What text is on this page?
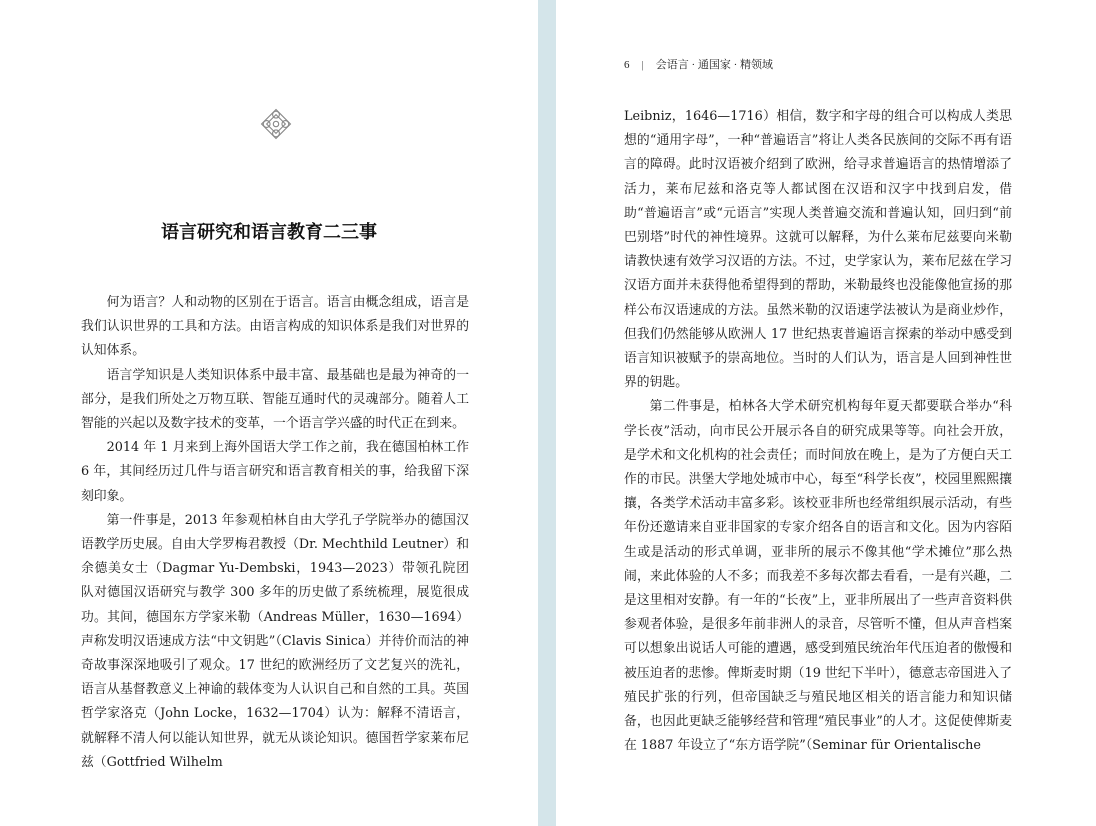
语言研究和语言教育二三事

何为语言？人和动物的区别在于语言。语言由概念组成，语言是我们认识世界的工具和方法。由语言构成的知识体系是我们对世界的认知体系。

语言学知识是人类知识体系中最丰富、最基础也是最为神奇的一部分，是我们所处之万物互联、智能互通时代的灵魂部分。随着人工智能的兴起以及数字技术的变革，一个语言学兴盛的时代正在到来。

2014 年 1 月来到上海外国语大学工作之前，我在德国柏林工作 6 年，其间经历过几件与语言研究和语言教育相关的事，给我留下深刻印象。

第一件事是，2013 年参观柏林自由大学孔子学院举办的德国汉语教学历史展。自由大学罗梅君教授（Dr. Mechthild Leutner）和余德美女士（Dagmar Yu-Dembski，1943—2023）带领孔院团队对德国汉语研究与教学 300 多年的历史做了系统梳理，展览很成功。其间，德国东方学家米勒（Andreas Müller，1630—1694）声称发明汉语速成方法“中文钥匙”（Clavis Sinica）并待价而沽的神奇故事深深地吸引了观众。17 世纪的欧洲经历了文艺复兴的洗礼，语言从基督教意义上神谕的载体变为人认识自己和自然的工具。英国哲学家洛克（John Locke，1632—1704）认为：解释不清语言，就解释不清人何以能认知世界，就无从谈论知识。德国哲学家莱布尼兹（Gottfried Wilhelm

6 | 会语言 · 通国家 · 精领域

Leibniz，1646—1716）相信，数字和字母的组合可以构成人类思想的“通用字母”，一种“普遍语言”将让人类各民族间的交际不再有语言的障碍。此时汉语被介绍到了欧洲，给寻求普遍语言的热情增添了活力，莱布尼兹和洛克等人都试图在汉语和汉字中找到启发，借助“普遍语言”或“元语言”实现人类普遍交流和普遍认知，回归到“前巴别塔”时代的神性境界。这就可以解释，为什么莱布尼兹要向米勒请教快速有效学习汉语的方法。不过，史学家认为，莱布尼兹在学习汉语方面并未获得他希望得到的帮助，米勒最终也没能像他宣扬的那样公布汉语速成的方法。虽然米勒的汉语速学法被认为是商业炒作，但我们仍然能够从欧洲人 17 世纪热衷普遍语言探索的举动中感受到语言知识被赋予的崇高地位。当时的人们认为，语言是人回到神性世界的钥匙。

第二件事是，柏林各大学术研究机构每年夏天都要联合举办“科学长夜”活动，向市民公开展示各自的研究成果等等。向社会开放，是学术和文化机构的社会责任；而时间放在晚上，是为了方便白天工作的市民。洪堡大学地处城市中心，每至“科学长夜”，校园里熙熙攘攘，各类学术活动丰富多彩。该校亚非所也经常组织展示活动，有些年份还邀请来自亚非国家的专家介绍各自的语言和文化。因为内容陌生或是活动的形式单调，亚非所的展示不像其他“学术摊位”那么热闹，来此体验的人不多；而我差不多每次都去看看，一是有兴趣，二是这里相对安静。有一年的“长夜”上，亚非所展出了一些声音资料供参观者体验，是很多年前非洲人的录音，尽管听不懂，但从声音档案可以想象出说话人可能的遭遇，感受到殖民统治年代压迫者的傲慢和被压迫者的悲惨。俾斯麦时期（19 世纪下半叶），德意志帝国进入了殖民扩张的行列，但帝国缺乏与殖民地区相关的语言能力和知识储备，也因此更缺乏能够经营和管理“殖民事业”的人才。这促使俾斯麦在 1887 年设立了“东方语学院”（Seminar für Orientalische
